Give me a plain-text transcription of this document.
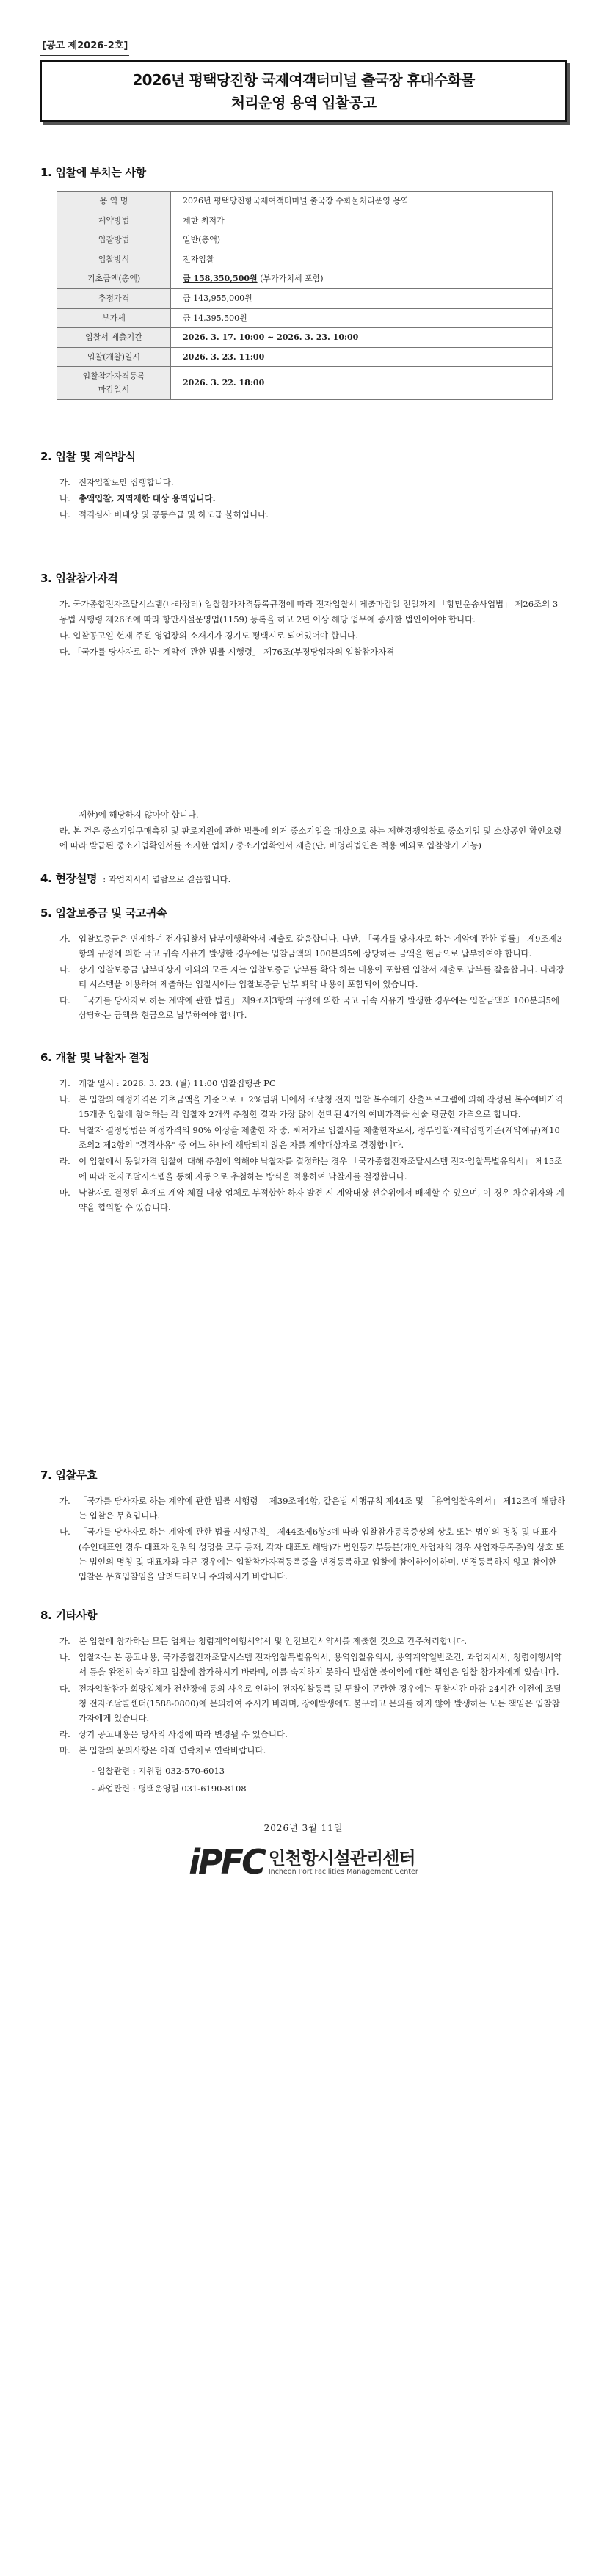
[공고 제2026-2호]
2026년 평택당진항 국제여객터미널 출국장 휴대수화물
처리운영 용역 입찰공고
1. 입찰에 부치는 사항
용 역 명	2026년 평택당진항국제여객터미널 출국장 수화물처리운영 용역
계약방법	제한 최저가
입찰방법	일반(총액)
입찰방식	전자입찰
기초금액(총액)	금 158,350,500원 (부가가치세 포함)
추정가격	금 143,955,000원
부가세	금 14,395,500원
입찰서 제출기간	2026. 3. 17. 10:00 ~ 2026. 3. 23. 10:00
입찰(개찰)일시	2026. 3. 23. 11:00
입찰참가자격등록
마감일시	2026. 3. 22. 18:00
2. 입찰 및 계약방식
가. 전자입찰로만 집행합니다.
나. 총액입찰, 지역제한 대상 용역입니다.
다. 적격심사 비대상 및 공동수급 및 하도급 불허입니다.
3. 입찰참가자격
가. 국가종합전자조달시스템(나라장터) 입찰참가자격등록규정에 따라 전자입찰서 제출마감일 전일까지 「항만운송사업법」 제26조의 3 동법 시행령 제26조에 따라 항만시설운영업(1159) 등록을 하고 2년 이상 해당 업무에 종사한 법인이어야 합니다.
나. 입찰공고일 현재 주된 영업장의 소재지가 경기도 평택시로 되어있어야 합니다.
다. 「국가를 당사자로 하는 계약에 관한 법률 시행령」 제76조(부정당업자의 입찰참가자격
제한)에 해당하지 않아야 합니다.
라. 본 건은 중소기업구매촉진 및 판로지원에 관한 법률에 의거 중소기업을 대상으로 하는 제한경쟁입찰로 중소기업 및 소상공인 확인요령에 따라 발급된 중소기업확인서를 소지한 업체 / 중소기업확인서 제출(단, 비영리법인은 적용 예외로 입찰참가 가능)
4. 현장설명 : 과업지시서 열람으로 갈음합니다.
5. 입찰보증금 및 국고귀속
가. 입찰보증금은 면제하며 전자입찰서 납부이행확약서 제출로 갈음합니다. 다만, 「국가를 당사자로 하는 계약에 관한 법률」 제9조제3항의 규정에 의한 국고 귀속 사유가 발생한 경우에는 입찰금액의 100분의5에 상당하는 금액을 현금으로 납부하여야 합니다.
나. 상기 입찰보증금 납부대상자 이외의 모든 자는 입찰보증금 납부를 확약 하는 내용이 포함된 입찰서 제출로 납부를 갈음합니다. 나라장터 시스템을 이용하여 제출하는 입찰서에는 입찰보증금 납부 확약 내용이 포함되어 있습니다.
다. 「국가를 당사자로 하는 계약에 관한 법률」 제9조제3항의 규정에 의한 국고 귀속 사유가 발생한 경우에는 입찰금액의 100분의5에 상당하는 금액을 현금으로 납부하여야 합니다.
6. 개찰 및 낙찰자 결정
가. 개찰 일시 : 2026. 3. 23. (월) 11:00 입찰집행관 PC
나. 본 입찰의 예정가격은 기초금액을 기준으로 ± 2%범위 내에서 조달청 전자 입찰 복수예가 산출프로그램에 의해 작성된 복수예비가격 15개중 입찰에 참여하는 각 입찰자 2개씩 추첨한 결과 가장 많이 선택된 4개의 예비가격을 산술 평균한 가격으로 합니다.
다. 낙찰자 결정방법은 예정가격의 90% 이상을 제출한 자 중, 최저가로 입찰서를 제출한자로서, 정부입찰·계약집행기준(계약예규)제10조의2 제2항의 "결격사유" 중 어느 하나에 해당되지 않은 자를 계약대상자로 결정합니다.
라. 이 입찰에서 동일가격 입찰에 대해 추첨에 의해야 낙찰자를 결정하는 경우 「국가종합전자조달시스템 전자입찰특별유의서」 제15조에 따라 전자조달시스템을 통해 자동으로 추첨하는 방식을 적용하여 낙찰자를 결정합니다.
마. 낙찰자로 결정된 후에도 계약 체결 대상 업체로 부적합한 하자 발견 시 계약대상 선순위에서 배제할 수 있으며, 이 경우 차순위자와 계약을 협의할 수 있습니다.
7. 입찰무효
가. 「국가를 당사자로 하는 계약에 관한 법률 시행령」 제39조제4항, 같은법 시행규칙 제44조 및 「용역입찰유의서」 제12조에 해당하는 입찰은 무효입니다.
나. 「국가를 당사자로 하는 계약에 관한 법률 시행규칙」 제44조제6항3에 따라 입찰참가등록증상의 상호 또는 법인의 명칭 및 대표자(수인대표인 경우 대표자 전원의 성명을 모두 등재, 각자 대표도 해당)가 법인등기부등본(개인사업자의 경우 사업자등록증)의 상호 또는 법인의 명칭 및 대표자와 다른 경우에는 입찰참가자격등록증을 변경등록하고 입찰에 참여하여야하며, 변경등록하지 않고 참여한 입찰은 무효입찰임을 알려드리오니 주의하시기 바랍니다.
8. 기타사항
가. 본 입찰에 참가하는 모든 업체는 청렴계약이행서약서 및 안전보건서약서를 제출한 것으로 간주처리합니다.
나. 입찰자는 본 공고내용, 국가종합전자조달시스템 전자입찰특별유의서, 용역입찰유의서, 용역계약일반조건, 과업지시서, 청렴이행서약서 등을 완전히 숙지하고 입찰에 참가하시기 바라며, 이를 숙지하지 못하여 발생한 불이익에 대한 책임은 입찰 참가자에게 있습니다.
다. 전자입찰참가 희망업체가 전산장애 등의 사유로 인하여 전자입찰등록 및 투찰이 곤란한 경우에는 투찰시간 마감 24시간 이전에 조달청 전자조달콜센터(1588-0800)에 문의하여 주시기 바라며, 장애발생에도 불구하고 문의를 하지 않아 발생하는 모든 책임은 입찰참가자에게 있습니다.
라. 상기 공고내용은 당사의 사정에 따라 변경될 수 있습니다.
마. 본 입찰의 문의사항은 아래 연락처로 연락바랍니다.
- 입찰관련 : 지원팀 032-570-6013
- 과업관련 : 평택운영팀 031-6190-8108
2026년 3월 11일
iPFC 인천항시설관리센터
Incheon Port Facilities Management Center
